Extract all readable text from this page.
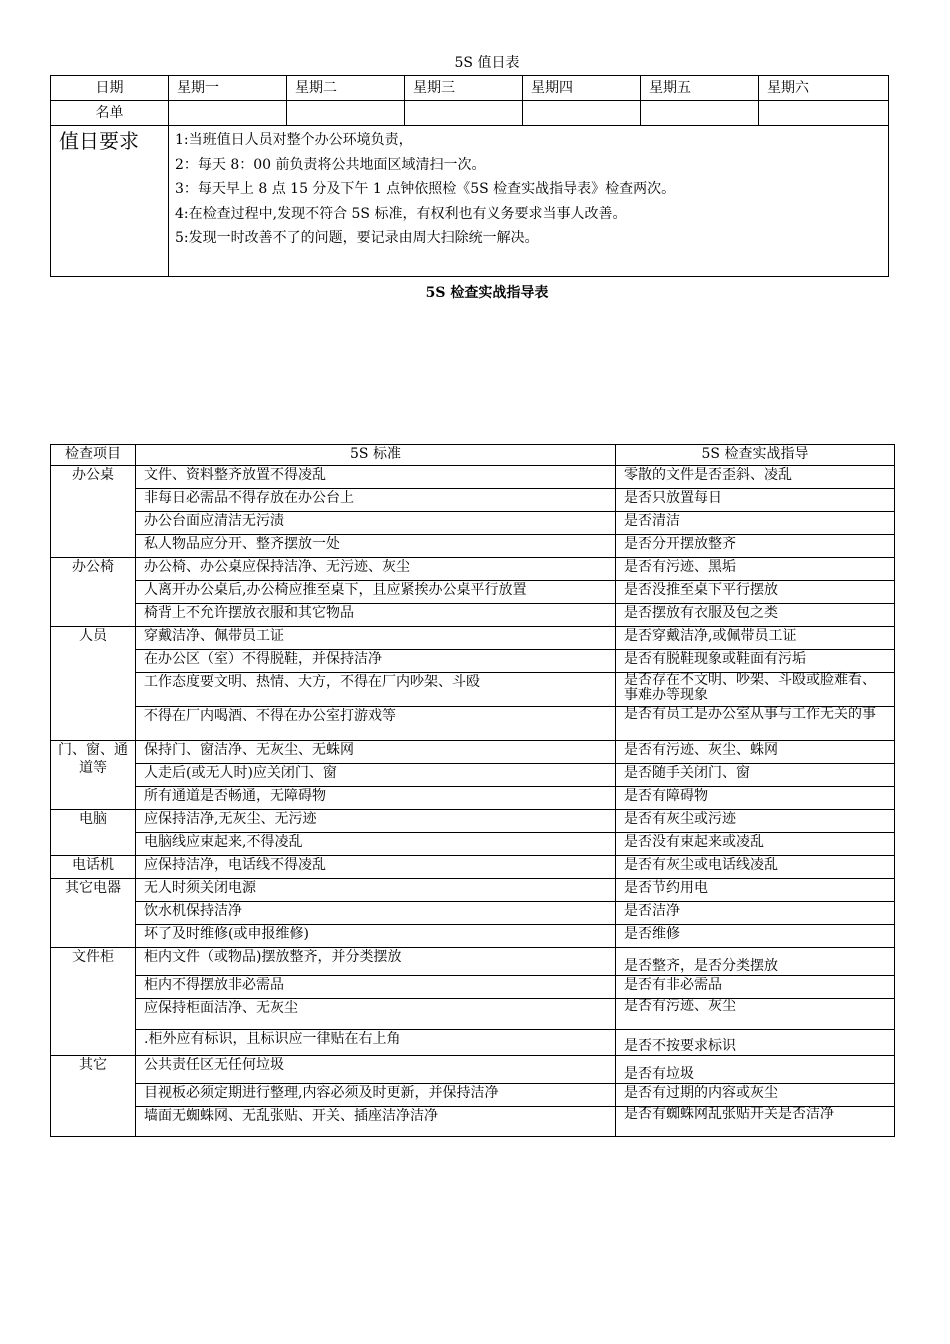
5S 值日表
日期	星期一	星期二	星期三	星期四	星期五	星期六
名单						
值日要求	1:当班值日人员对整个办公环境负责，
2：每天 8：00 前负责将公共地面区域清扫一次。
3：每天早上 8 点 15 分及下午 1 点钟依照检《5S 检查实战指导表》检查两次。
4:在检查过程中,发现不符合 5S 标准，有权利也有义务要求当事人改善。
5:发现一时改善不了的问题，要记录由周大扫除统一解决。					
5S 检查实战指导表
检查项目	5S 标准	5S 检查实战指导
办公桌	文件、资料整齐放置不得凌乱	零散的文件是否歪斜、凌乱
	非每日必需品不得存放在办公台上	是否只放置每日
	办公台面应清洁无污渍	是否清洁
	私人物品应分开、整齐摆放一处	是否分开摆放整齐
办公椅	办公椅、办公桌应保持洁净、无污迹、灰尘	是否有污迹、黑垢
	人离开办公桌后,办公椅应推至桌下，且应紧挨办公桌平行放置	是否没推至桌下平行摆放
	椅背上不允许摆放衣服和其它物品	是否摆放有衣服及包之类
人员	穿戴洁净、佩带员工证	是否穿戴洁净,或佩带员工证
	在办公区（室）不得脱鞋，并保持洁净	是否有脱鞋现象或鞋面有污垢
	工作态度要文明、热情、大方，不得在厂内吵架、斗殴	是否存在不文明、吵架、斗殴或脸难看、事难办等现象
	不得在厂内喝酒、不得在办公室打游戏等	是否有员工是办公室从事与工作无关的事
门、窗、通道等	保持门、窗洁净、无灰尘、无蛛网	是否有污迹、灰尘、蛛网
	人走后(或无人时)应关闭门、窗	是否随手关闭门、窗
	所有通道是否畅通，无障碍物	是否有障碍物
电脑	应保持洁净,无灰尘、无污迹	是否有灰尘或污迹
	电脑线应束起来,不得凌乱	是否没有束起来或凌乱
电话机	应保持洁净，电话线不得凌乱	是否有灰尘或电话线凌乱
其它电器	无人时须关闭电源	是否节约用电
	饮水机保持洁净	是否洁净
	坏了及时维修(或申报维修)	是否维修
文件柜	柜内文件（或物品)摆放整齐，并分类摆放	是否整齐，是否分类摆放
	柜内不得摆放非必需品	是否有非必需品
	应保持柜面洁净、无灰尘	是否有污迹、灰尘
	.柜外应有标识，且标识应一律贴在右上角	是否不按要求标识
其它	公共责任区无任何垃圾	是否有垃圾
	目视板必须定期进行整理,内容必须及时更新，并保持洁净	是否有过期的内容或灰尘
	墙面无蜘蛛网、无乱张贴、开关、插座洁净洁净	是否有蜘蛛网乱张贴开关是否洁净
